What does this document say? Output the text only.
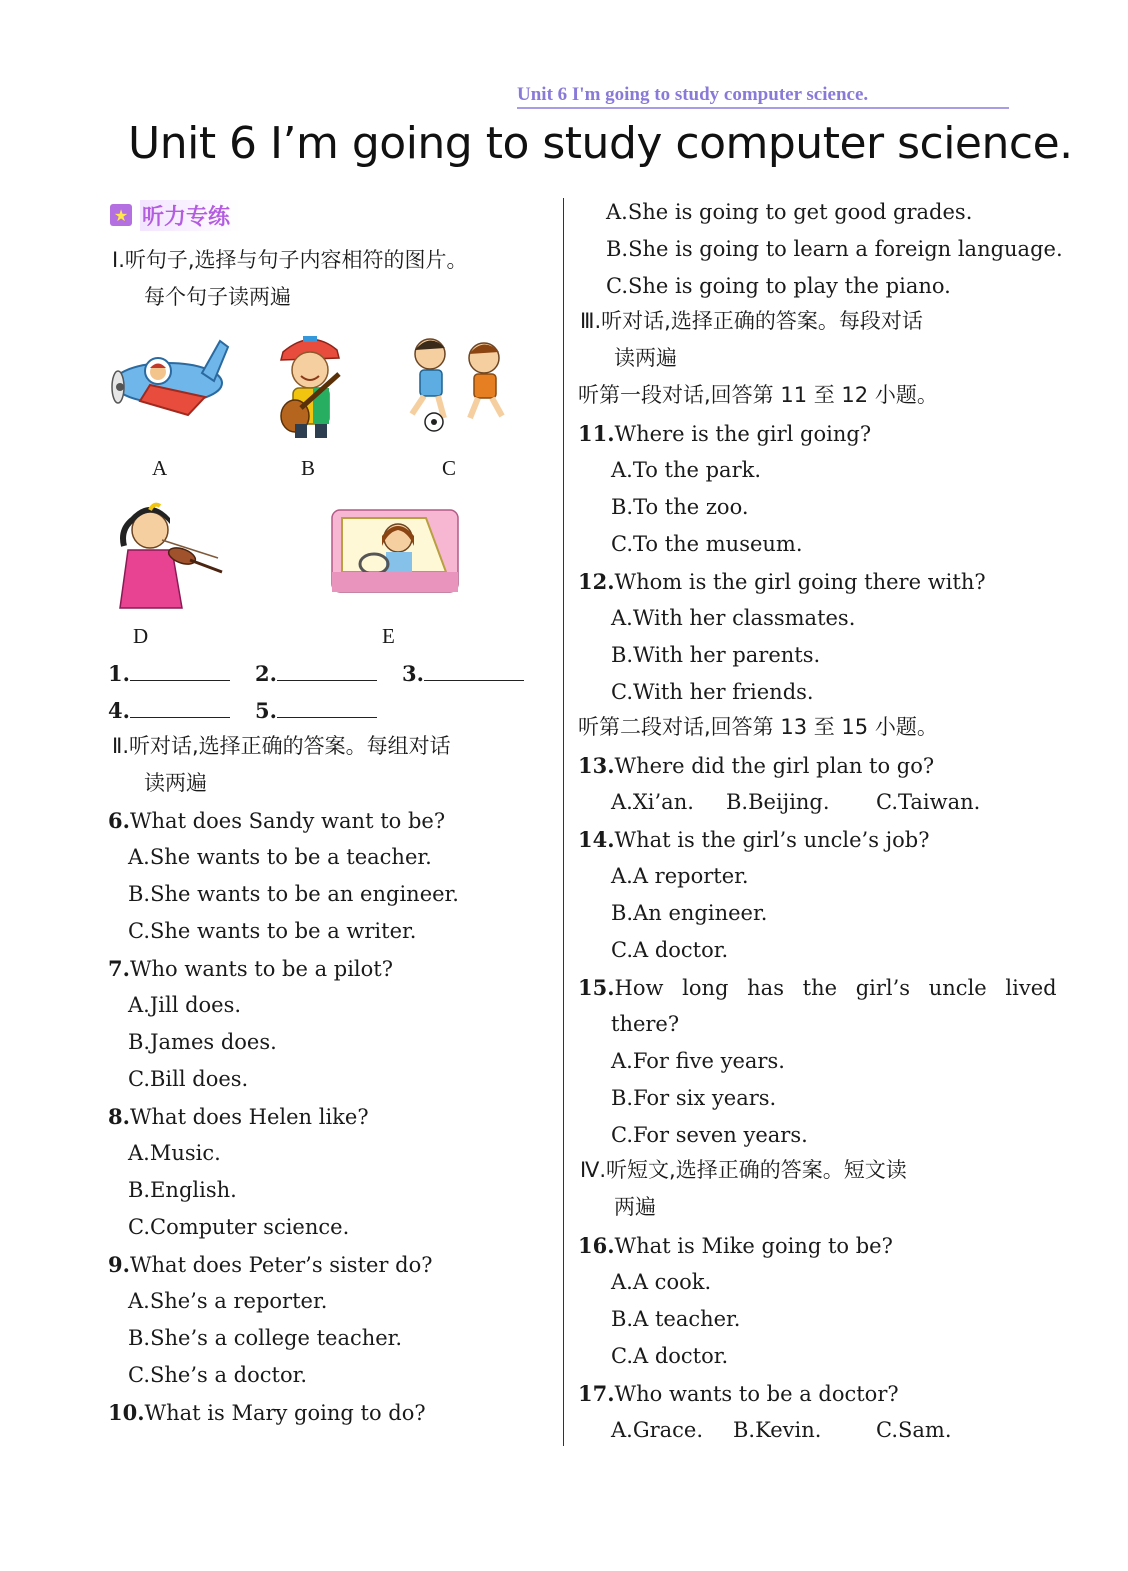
Unit 6 I'm going to study computer science.
Unit 6 I’m going to study computer science.
★ 听力专练
Ⅰ.听句子,选择与句子内容相符的图片。
每个句子读两遍
A	B	C
D	E
1.	2.	3.
4.	5.
Ⅱ.听对话,选择正确的答案。每组对话
读两遍
6.What does Sandy want to be?
A.She wants to be a teacher.
B.She wants to be an engineer.
C.She wants to be a writer.
7.Who wants to be a pilot?
A.Jill does.
B.James does.
C.Bill does.
8.What does Helen like?
A.Music.
B.English.
C.Computer science.
9.What does Peter’s sister do?
A.She’s a reporter.
B.She’s a college teacher.
C.She’s a doctor.
10.What is Mary going to do?
A.She is going to get good grades.
B.She is going to learn a foreign language.
C.She is going to play the piano.
Ⅲ.听对话,选择正确的答案。每段对话
读两遍
听第一段对话,回答第 11 至 12 小题。
11.Where is the girl going?
A.To the park.
B.To the zoo.
C.To the museum.
12.Whom is the girl going there with?
A.With her classmates.
B.With her parents.
C.With her friends.
听第二段对话,回答第 13 至 15 小题。
13.Where did the girl plan to go?
A.Xi’an. B.Beijing. C.Taiwan.
14.What is the girl’s uncle’s job?
A.A reporter.
B.An engineer.
C.A doctor.
15.How long has the girl’s uncle lived
there?
A.For five years.
B.For six years.
C.For seven years.
Ⅳ.听短文,选择正确的答案。短文读
两遍
16.What is Mike going to be?
A.A cook.
B.A teacher.
C.A doctor.
17.Who wants to be a doctor?
A.Grace. B.Kevin.	C.Sam.
